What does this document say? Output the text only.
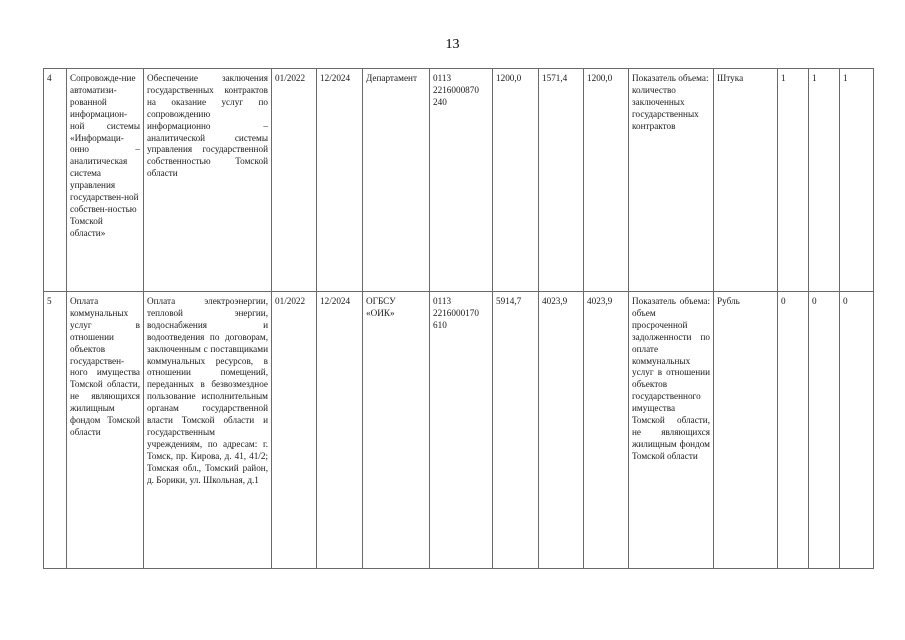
13
4	Сопровожде-ние автоматизи-рованной информацион-ной системы «Информаци-онно – аналитическая система управления государствен-ной собствен-ностью Томской области»	Обеспечение заключения государственных контрактов на оказание услуг по сопровождению информационно – аналитической системы управления государственной собственностью Томской области	01/2022	12/2024	Департамент	0113 2216000870 240	1200,0	1571,4	1200,0	Показатель объема: количество заключенных государственных контрактов	Штука	1	1	1
5	Оплата коммунальных услуг в отношении объектов государствен-ного имущества Томской области, не являющихся жилищным фондом Томской области	Оплата электроэнергии, тепловой энергии, водоснабжения и водоотведения по договорам, заключенным с поставщиками коммунальных ресурсов, в отношении помещений, переданных в безвозмездное пользование исполнительным органам государственной власти Томской области и государственным учреждениям, по адресам: г. Томск, пр. Кирова, д. 41, 41/2; Томская обл., Томский район, д. Борики, ул. Школьная, д.1	01/2022	12/2024	ОГБСУ «ОИК»	0113 2216000170 610	5914,7	4023,9	4023,9	Показатель объема: объем просроченной задолженности по оплате коммунальных услуг в отношении объектов государственного имущества Томской области, не являющихся жилищным фондом Томской области	Рубль	0	0	0
